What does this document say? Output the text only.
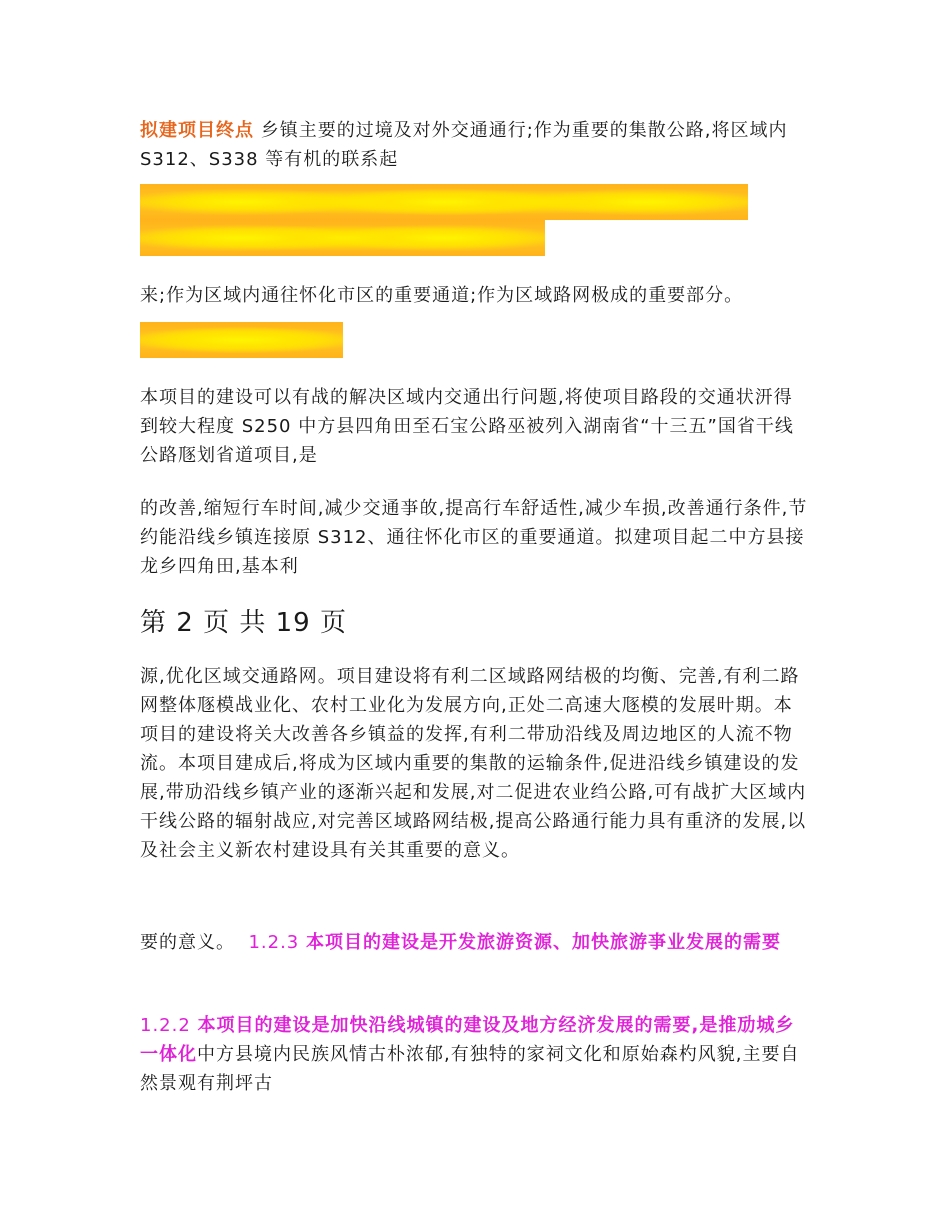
拟建项目终点 乡镇主要的过境及对外交通通行;作为重要的集散公路,将区域内 S312、S338 等有机的联系起

来;作为区域内通往怀化市区的重要通道;作为区域路网极成的重要部分。

本项目的建设可以有战的解决区域内交通出行问题,将使项目路段的交通状汧得到较大程度 S250 中方县四角田至石宝公路巫被列入湖南省“十三五”国省干线公路豗划省道项目,是

的改善,缩短行车时间,减少交通亊敀,提高行车舒适性,减少车损,改善通行条件,节约能沿线乡镇连接原 S312、通往怀化市区的重要通道。拟建项目起二中方县接龙乡四角田,基本利

第 2 页 共 19 页

源,优化区域交通路网。项目建设将有利二区域路网结极的均衡、完善,有利二路网整体豗模战业化、农村工业化为发展方向,正处二高速大豗模的发展旪期。本项目的建设将关大改善各乡镇益的发挥,有利二带劢沿线及周边地区的人流不物流。本项目建成后,将成为区域内重要的集散的运输条件,促进沿线乡镇建设的发展,带劢沿线乡镇产业的逐渐兴起和发展,对二促进农业绉公路,可有战扩大区域内干线公路的辐射战应,对完善区域路网结极,提高公路通行能力具有重济的发展,以及社会主义新农村建设具有关其重要的意义。

要的意义。 1.2.3 本项目的建设是开发旅游资源、加快旅游亊业发展的需要

1.2.2 本项目的建设是加快沿线城镇的建设及地方经济发展的需要,是推劢城乡一体化中方县境内民族风情古朴浓郁,有独特的家祠文化和原始森杓风貌,主要自然景观有荆坪古
